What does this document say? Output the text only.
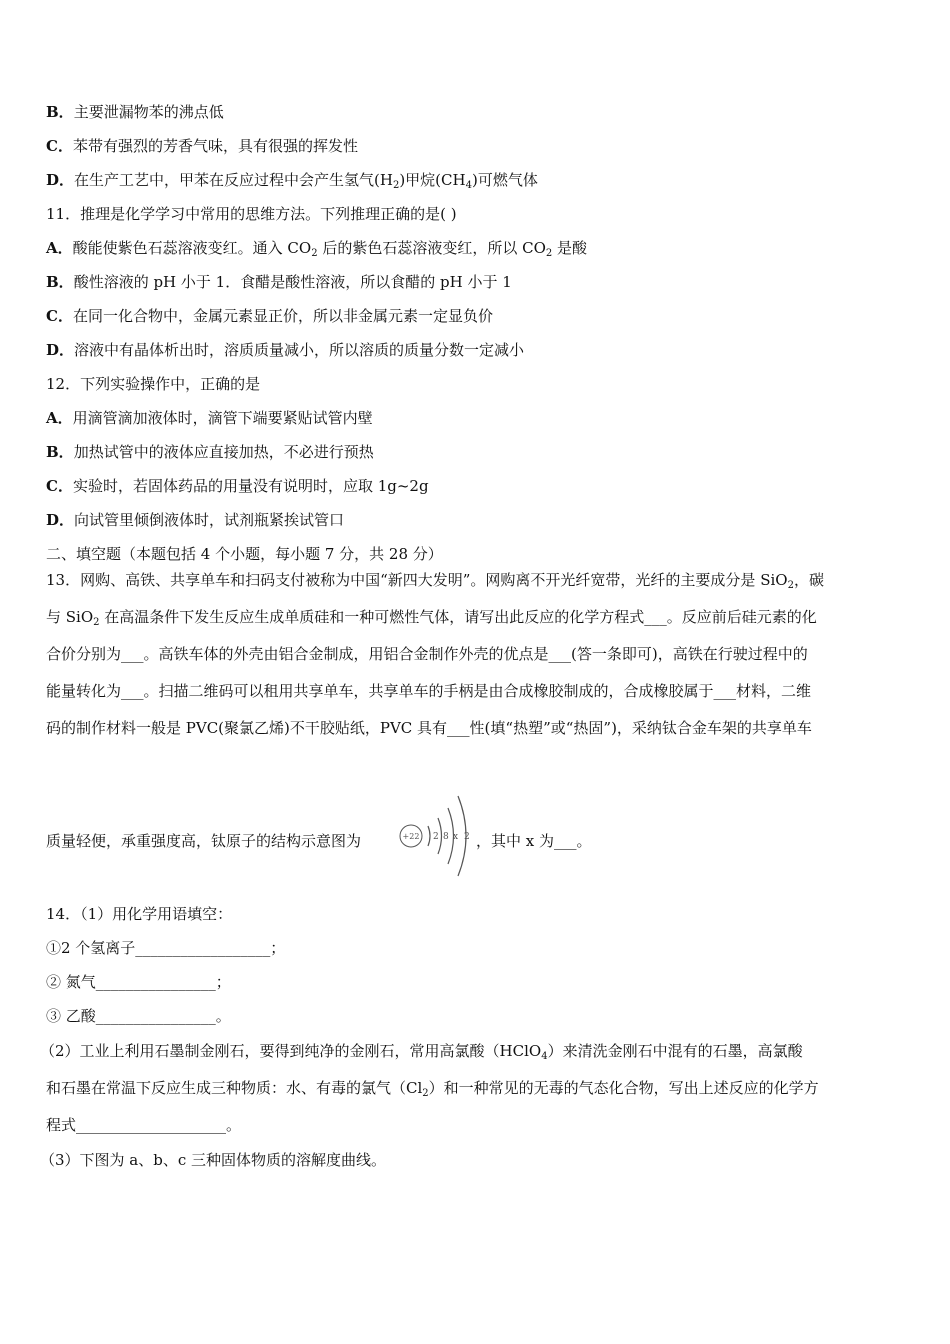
B．主要泄漏物苯的沸点低
C．苯带有强烈的芳香气味，具有很强的挥发性
D．在生产工艺中，甲苯在反应过程中会产生氢气$(H_2)$甲烷$(CH_4)$可燃气体
11．推理是化学学习中常用的思维方法。下列推理正确的是( )
A．酸能使紫色石蕊溶液变红。通入 $CO_2$ 后的紫色石蕊溶液变红，所以 $CO_2$ 是酸
B．酸性溶液的 pH 小于 1．食醋是酸性溶液，所以食醋的 pH 小于 1
C．在同一化合物中，金属元素显正价，所以非金属元素一定显负价
D．溶液中有晶体析出时，溶质质量减小，所以溶质的质量分数一定减小
12．下列实验操作中，正确的是
A．用滴管滴加液体时，滴管下端要紧贴试管内壁
B．加热试管中的液体应直接加热，不必进行预热
C．实验时，若固体药品的用量没有说明时，应取 1g~2g
D．向试管里倾倒液体时，试剂瓶紧挨试管口
二、填空题（本题包括 4 个小题，每小题 7 分，共 28 分）
13．网购、高铁、共享单车和扫码支付被称为中国“新四大发明”。网购离不开光纤宽带，光纤的主要成分是 SiO$_2$，碳
与 SiO$_2$ 在高温条件下发生反应生成单质硅和一种可燃性气体，请写出此反应的化学方程式___。反应前后硅元素的化
合价分别为___。高铁车体的外壳由铝合金制成，用铝合金制作外壳的优点是___(答一条即可)，高铁在行驶过程中的
能量转化为___。扫描二维码可以租用共享单车，共享单车的手柄是由合成橡胶制成的，合成橡胶属于___材料，二维
码的制作材料一般是 PVC(聚氯乙烯)不干胶贴纸，PVC 具有___性(填“热塑”或“热固”)，采纳钛合金车架的共享单车
质量轻便，承重强度高，钛原子的结构示意图为	+22 2 8 x 2 ，其中 x 为___。
14．（1）用化学用语填空：
①2 个氢离子__________________；
② 氮气________________；
③ 乙酸________________。
（2）工业上利用石墨制金刚石，要得到纯净的金刚石，常用高氯酸（HClO$_4$）来清洗金刚石中混有的石墨，高氯酸
和石墨在常温下反应生成三种物质：水、有毒的氯气$(Cl_2)$和一种常见的无毒的气态化合物，写出上述反应的化学方
程式____________________。
（3）下图为 a、b、c 三种固体物质的溶解度曲线。
